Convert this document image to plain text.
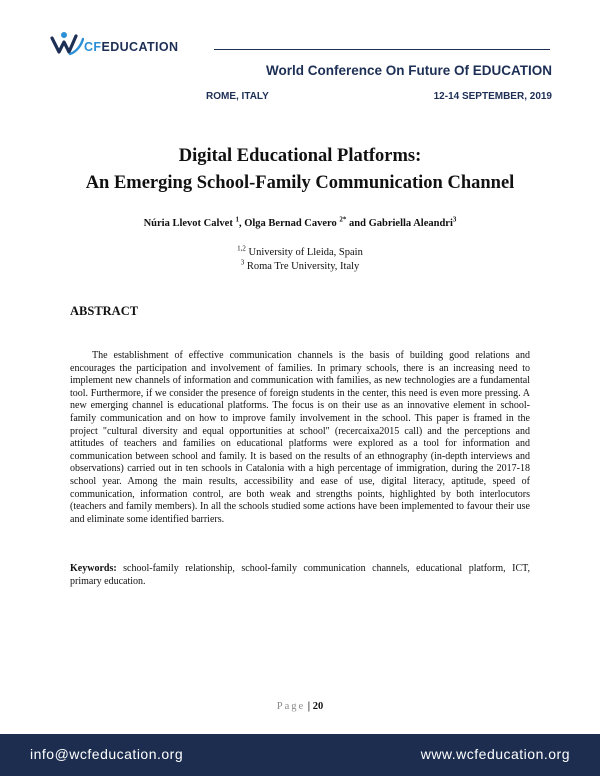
CFEDUCATION
World Conference On Future Of EDUCATION
ROME, ITALY	12-14 SEPTEMBER, 2019
Digital Educational Platforms:
An Emerging School-Family Communication Channel
Núria Llevot Calvet $^1$, Olga Bernad Cavero $^{2*}$ and Gabriella Aleandri$^3$
$^{1,2}$ University of Lleida, Spain
$^3$ Roma Tre University, Italy
ABSTRACT
The establishment of effective communication channels is the basis of building good relations and encourages the participation and involvement of families. In primary schools, there is an increasing need to implement new channels of information and communication with families, as new technologies are a fundamental tool. Furthermore, if we consider the presence of foreign students in the center, this need is even more pressing. A new emerging channel is educational platforms. The focus is on their use as an innovative element in school-family communication and on how to improve family involvement in the school. This paper is framed in the project "cultural diversity and equal opportunities at school" (recercaixa2015 call) and the perceptions and attitudes of teachers and families on educational platforms were explored as a tool for information and communication between school and family. It is based on the results of an ethnography (in-depth interviews and observations) carried out in ten schools in Catalonia with a high percentage of immigration, during the 2017-18 school year. Among the main results, accessibility and ease of use, digital literacy, aptitude, speed of communication, information control, are both weak and strengths points, highlighted by both interlocutors (teachers and family members). In all the schools studied some actions have been implemented to favour their use and eliminate some identified barriers.
Keywords: school-family relationship, school-family communication channels, educational platform, ICT, primary education.
Page | 20
info@wcfeducation.org	www.wcfeducation.org
